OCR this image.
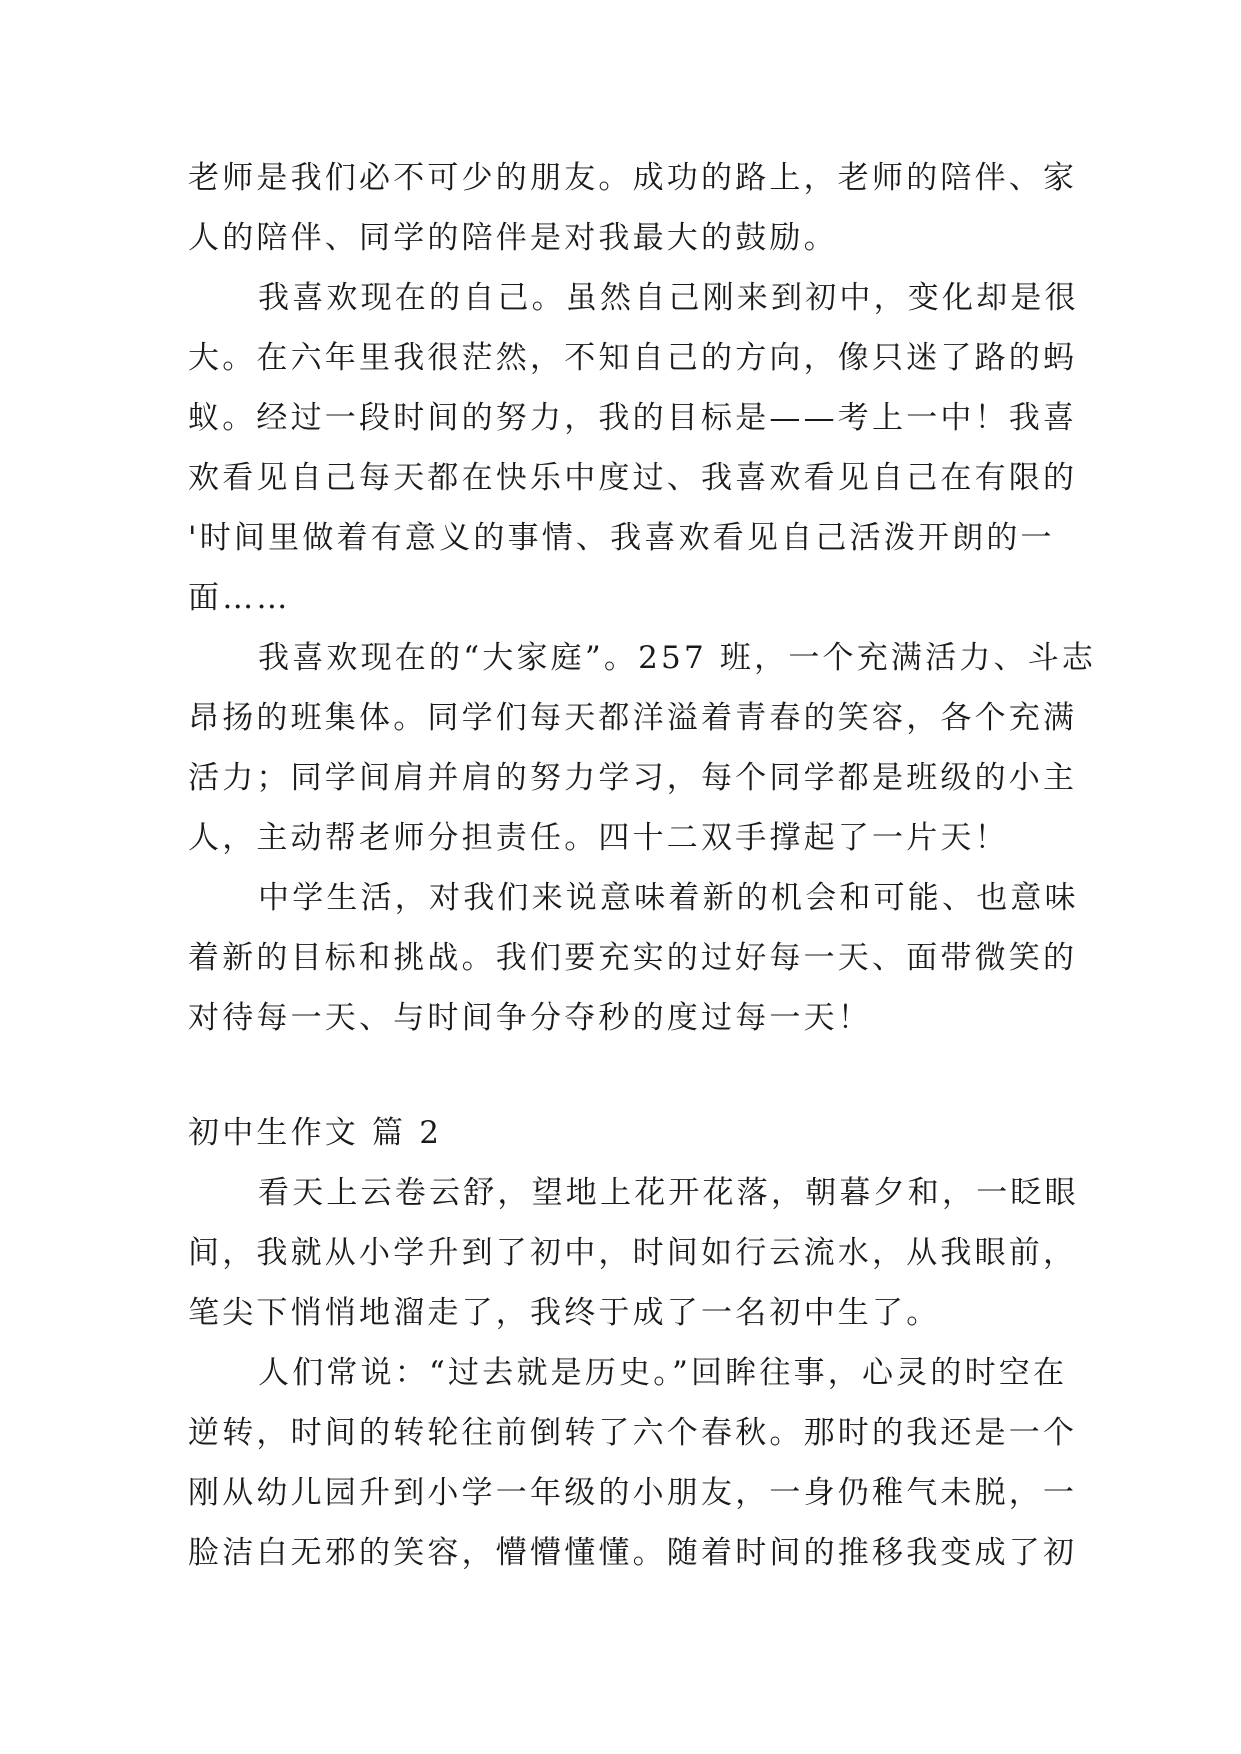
老师是我们必不可少的朋友。成功的路上，老师的陪伴、家
人的陪伴、同学的陪伴是对我最大的鼓励。
我喜欢现在的自己。虽然自己刚来到初中，变化却是很
大。在六年里我很茫然，不知自己的方向，像只迷了路的蚂
蚁。经过一段时间的努力，我的目标是——考上一中！我喜
欢看见自己每天都在快乐中度过、我喜欢看见自己在有限的
'时间里做着有意义的事情、我喜欢看见自己活泼开朗的一
面……
我喜欢现在的“大家庭”。257 班，一个充满活力、斗志
昂扬的班集体。同学们每天都洋溢着青春的笑容，各个充满
活力；同学间肩并肩的努力学习，每个同学都是班级的小主
人，主动帮老师分担责任。四十二双手撑起了一片天！
中学生活，对我们来说意味着新的机会和可能、也意味
着新的目标和挑战。我们要充实的过好每一天、面带微笑的
对待每一天、与时间争分夺秒的度过每一天！
初中生作文 篇 2
看天上云卷云舒，望地上花开花落，朝暮夕和，一眨眼
间，我就从小学升到了初中，时间如行云流水，从我眼前，
笔尖下悄悄地溜走了，我终于成了一名初中生了。
人们常说：“过去就是历史。”回眸往事，心灵的时空在
逆转，时间的转轮往前倒转了六个春秋。那时的我还是一个
刚从幼儿园升到小学一年级的小朋友，一身仍稚气未脱，一
脸洁白无邪的笑容，懵懵懂懂。随着时间的推移我变成了初
